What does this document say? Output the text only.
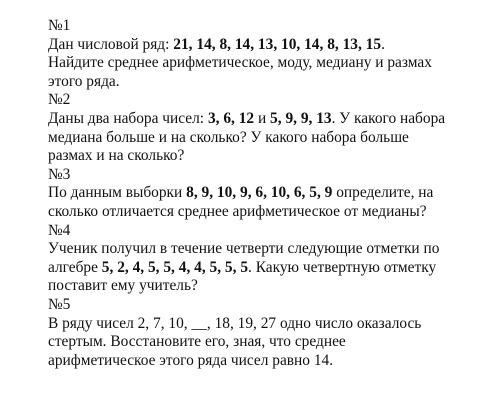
№1
Дан числовой ряд: 21, 14, 8, 14, 13, 10, 14, 8, 13, 15.
Найдите среднее арифметическое, моду, медиану и размах
этого ряда.
№2
Даны два набора чисел: 3, 6, 12 и 5, 9, 9, 13. У какого набора
медиана больше и на сколько? У какого набора больше
размах и на сколько?
№3
По данным выборки 8, 9, 10, 9, 6, 10, 6, 5, 9 определите, на
сколько отличается среднее арифметическое от медианы?
№4
Ученик получил в течение четверти следующие отметки по
алгебре 5, 2, 4, 5, 5, 4, 4, 5, 5, 5. Какую четвертную отметку
поставит ему учитель?
№5
В ряду чисел 2, 7, 10, __, 18, 19, 27 одно число оказалось
стертым. Восстановите его, зная, что среднее
арифметическое этого ряда чисел равно 14.
